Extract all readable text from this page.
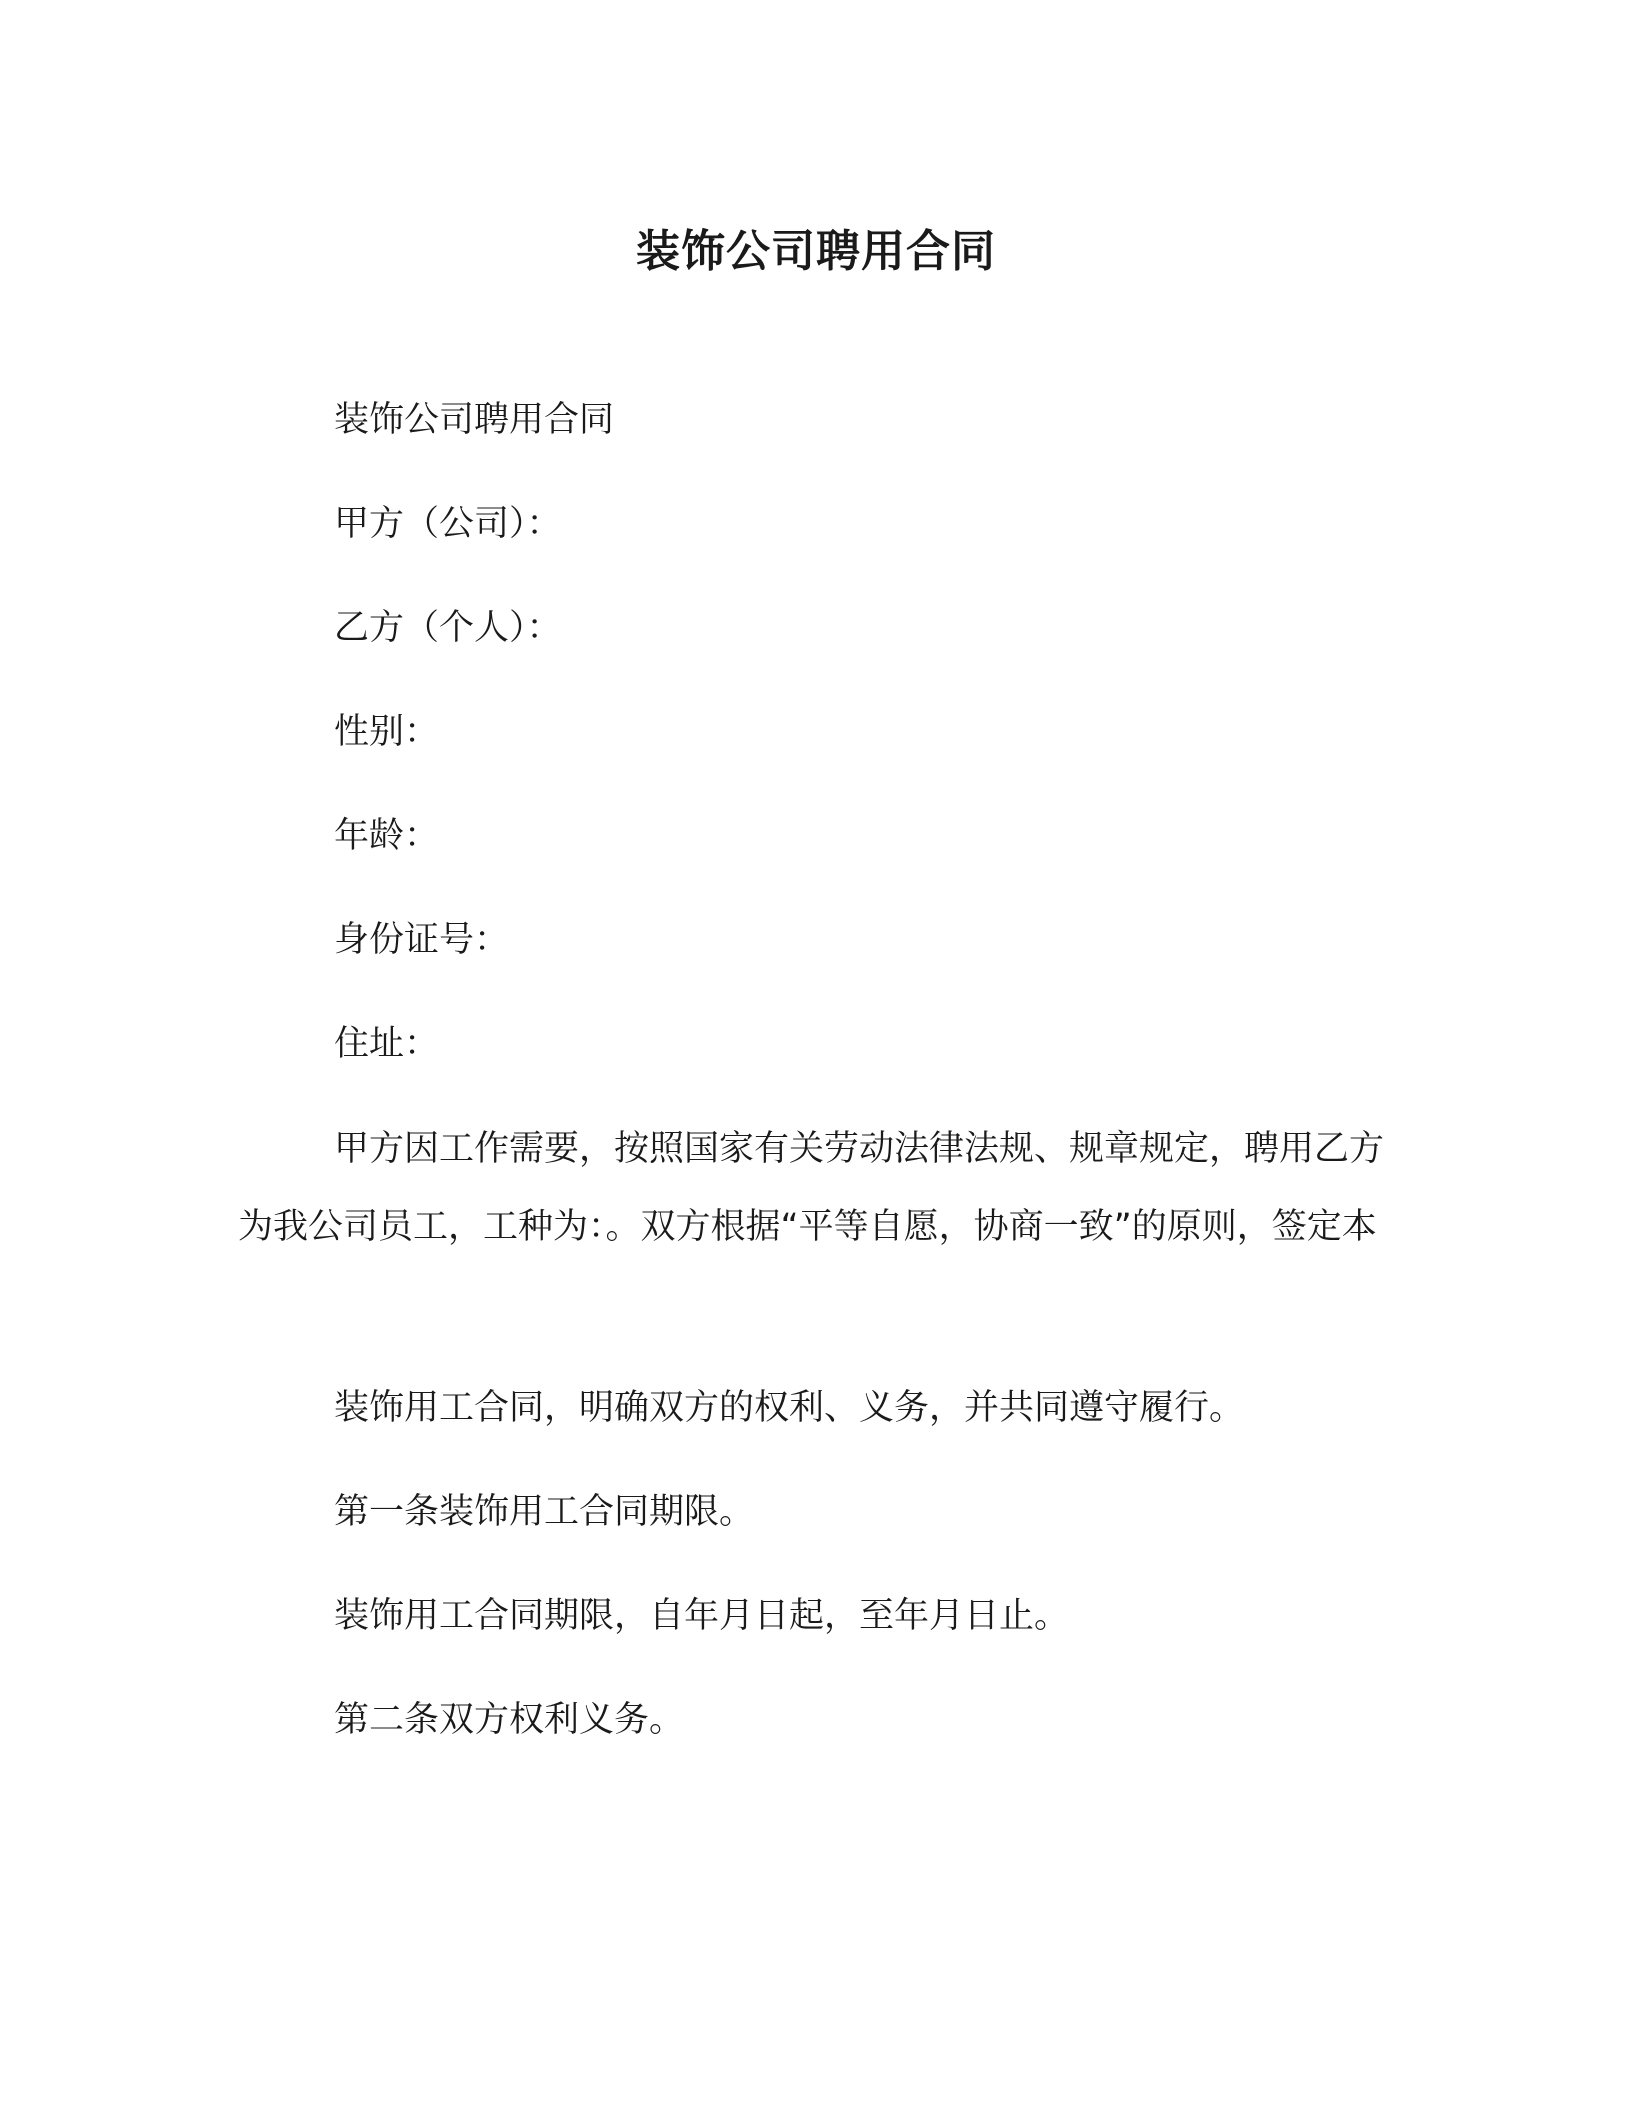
装饰公司聘用合同
装饰公司聘用合同
甲方（公司）：
乙方（个人）：
性别：
年龄：
身份证号：
住址：

甲方因工作需要，按照国家有关劳动法律法规、规章规定，聘用乙方为我公司员工，工种为：。双方根据“平等自愿，协商一致”的原则，签定本

装饰用工合同，明确双方的权利、义务，并共同遵守履行。
第一条装饰用工合同期限。
装饰用工合同期限，自年月日起，至年月日止。
第二条双方权利义务。
